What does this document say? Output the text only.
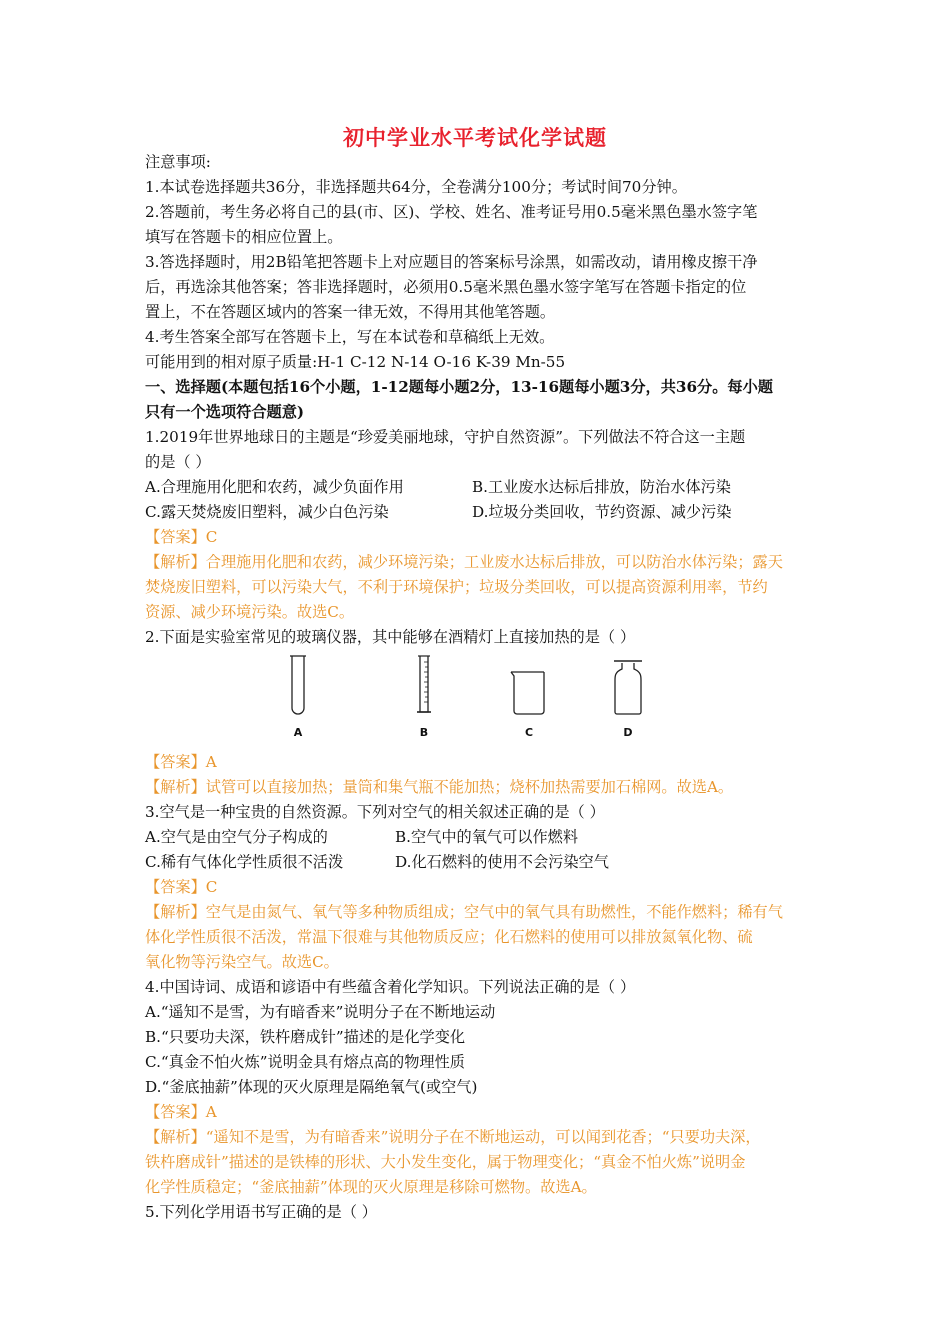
初中学业水平考试化学试题
注意事项:
1.本试卷选择题共36分，非选择题共64分，全卷满分100分；考试时间70分钟。
2.答题前，考生务必将自己的县(市、区)、学校、姓名、准考证号用0.5毫米黑色墨水签字笔
填写在答题卡的相应位置上。
3.答选择题时，用2B铅笔把答题卡上对应题目的答案标号涂黑，如需改动，请用橡皮擦干净
后，再选涂其他答案；答非选择题时，必须用0.5毫米黑色墨水签字笔写在答题卡指定的位
置上，不在答题区域内的答案一律无效，不得用其他笔答题。
4.考生答案全部写在答题卡上，写在本试卷和草稿纸上无效。
可能用到的相对原子质量:H-1 C-12 N-14 O-16 K-39 Mn-55
一、选择题(本题包括16个小题，1-12题每小题2分，13-16题每小题3分，共36分。每小题
只有一个选项符合题意)
1.2019年世界地球日的主题是“珍爱美丽地球，守护自然资源”。下列做法不符合这一主题
的是（ ）
A.合理施用化肥和农药，减少负面作用	B.工业废水达标后排放，防治水体污染
C.露天焚烧废旧塑料，减少白色污染	D.垃圾分类回收，节约资源、减少污染
【答案】C
【解析】合理施用化肥和农药，减少环境污染；工业废水达标后排放，可以防治水体污染；露天
焚烧废旧塑料，可以污染大气，不利于环境保护；垃圾分类回收，可以提高资源利用率，节约
资源、减少环境污染。故选C。
2.下面是实验室常见的玻璃仪器，其中能够在酒精灯上直接加热的是（ ）
A	B	C	D
【答案】A
【解析】试管可以直接加热；量筒和集气瓶不能加热；烧杯加热需要加石棉网。故选A。
3.空气是一种宝贵的自然资源。下列对空气的相关叙述正确的是（ ）
A.空气是由空气分子构成的	B.空气中的氧气可以作燃料
C.稀有气体化学性质很不活泼	D.化石燃料的使用不会污染空气
【答案】C
【解析】空气是由氮气、氧气等多种物质组成；空气中的氧气具有助燃性，不能作燃料；稀有气
体化学性质很不活泼，常温下很难与其他物质反应；化石燃料的使用可以排放氮氧化物、硫
氧化物等污染空气。故选C。
4.中国诗词、成语和谚语中有些蕴含着化学知识。下列说法正确的是（ ）
A.“遥知不是雪，为有暗香来”说明分子在不断地运动
B.“只要功夫深，铁杵磨成针”描述的是化学变化
C.“真金不怕火炼”说明金具有熔点高的物理性质
D.“釜底抽薪”体现的灭火原理是隔绝氧气(或空气)
【答案】A
【解析】“遥知不是雪，为有暗香来”说明分子在不断地运动，可以闻到花香；“只要功夫深，
铁杵磨成针”描述的是铁棒的形状、大小发生变化，属于物理变化；“真金不怕火炼”说明金
化学性质稳定；“釜底抽薪”体现的灭火原理是移除可燃物。故选A。
5.下列化学用语书写正确的是（ ）
